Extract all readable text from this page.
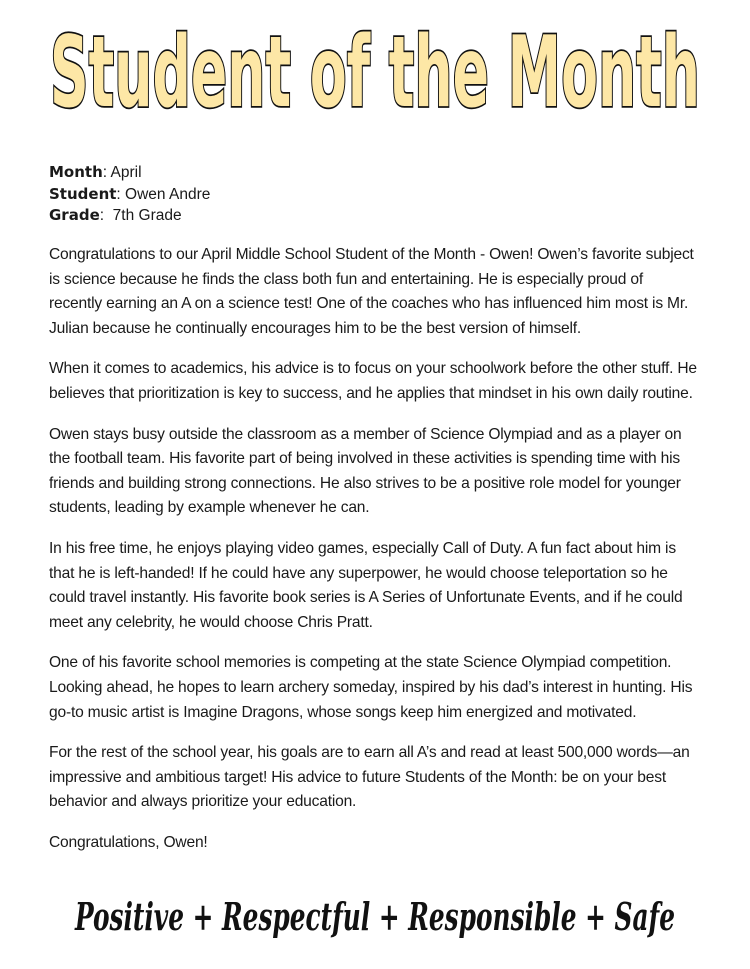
Student of the Month
Month: April
Student: Owen Andre
Grade:  7th Grade

Congratulations to our April Middle School Student of the Month - Owen! Owen’s favorite subject is science because he finds the class both fun and entertaining. He is especially proud of recently earning an A on a science test! One of the coaches who has influenced him most is Mr. Julian because he continually encourages him to be the best version of himself.

When it comes to academics, his advice is to focus on your schoolwork before the other stuff. He believes that prioritization is key to success, and he applies that mindset in his own daily routine.

Owen stays busy outside the classroom as a member of Science Olympiad and as a player on the football team. His favorite part of being involved in these activities is spending time with his friends and building strong connections. He also strives to be a positive role model for younger students, leading by example whenever he can.

In his free time, he enjoys playing video games, especially Call of Duty. A fun fact about him is that he is left-handed! If he could have any superpower, he would choose teleportation so he could travel instantly. His favorite book series is A Series of Unfortunate Events, and if he could meet any celebrity, he would choose Chris Pratt.

One of his favorite school memories is competing at the state Science Olympiad competition. Looking ahead, he hopes to learn archery someday, inspired by his dad’s interest in hunting. His go-to music artist is Imagine Dragons, whose songs keep him energized and motivated.

For the rest of the school year, his goals are to earn all A’s and read at least 500,000 words—an impressive and ambitious target! His advice to future Students of the Month: be on your best behavior and always prioritize your education.

Congratulations, Owen!

Positive + Respectful + Responsible + Safe
